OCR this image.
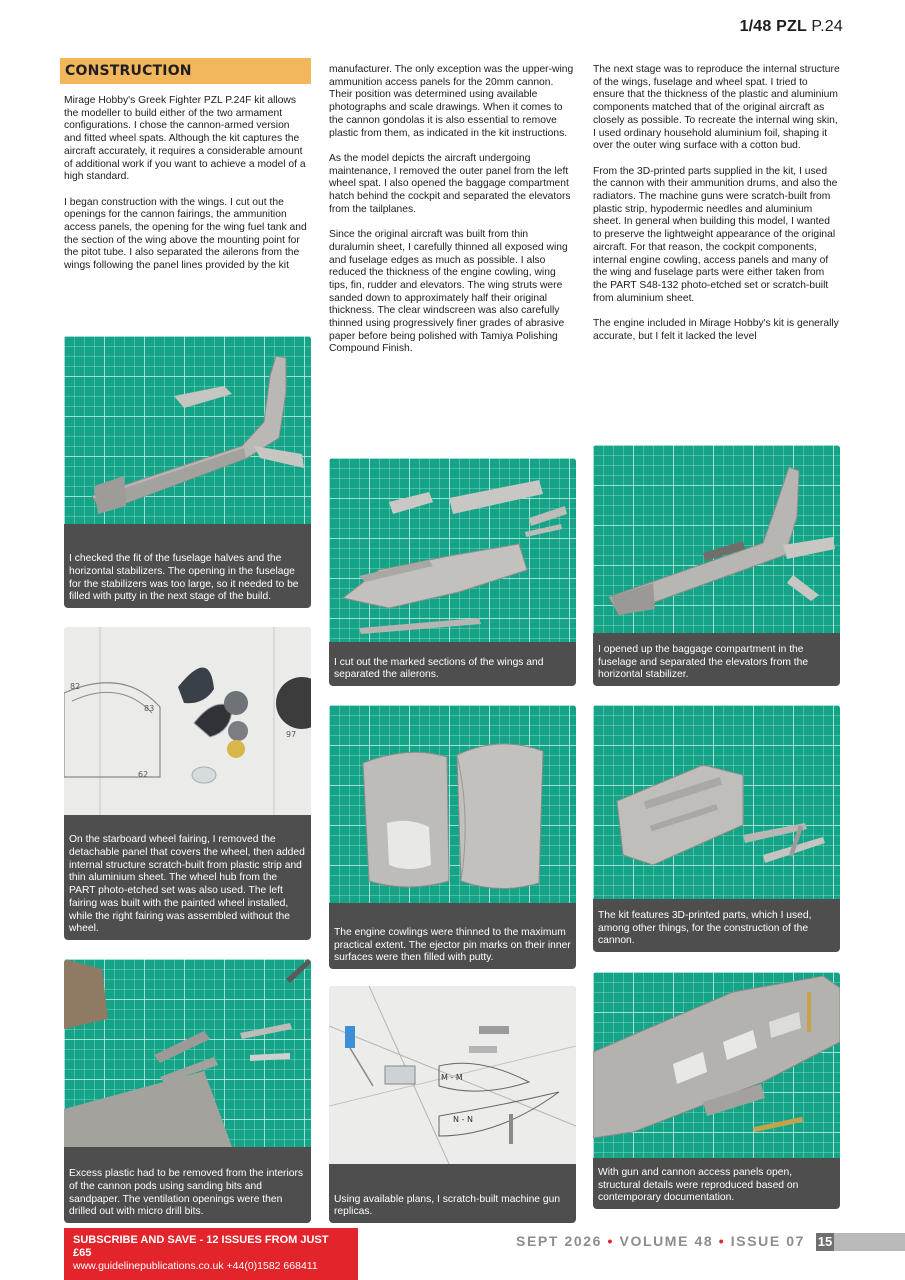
1/48 PZL P.24
CONSTRUCTION

Mirage Hobby's Greek Fighter PZL P.24F kit allows the modeller to build either of the two armament configurations. I chose the cannon-armed version and fitted wheel spats. Although the kit captures the aircraft accurately, it requires a considerable amount of additional work if you want to achieve a model of a high standard.

I began construction with the wings. I cut out the openings for the cannon fairings, the ammunition access panels, the opening for the wing fuel tank and the section of the wing above the mounting point for the pitot tube. I also separated the ailerons from the wings following the panel lines provided by the kit

manufacturer. The only exception was the upper-wing ammunition access panels for the 20mm cannon. Their position was determined using available photographs and scale drawings. When it comes to the cannon gondolas it is also essential to remove plastic from them, as indicated in the kit instructions.

As the model depicts the aircraft undergoing maintenance, I removed the outer panel from the left wheel spat. I also opened the baggage compartment hatch behind the cockpit and separated the elevators from the tailplanes.

Since the original aircraft was built from thin duralumin sheet, I carefully thinned all exposed wing and fuselage edges as much as possible. I also reduced the thickness of the engine cowling, wing tips, fin, rudder and elevators. The wing struts were sanded down to approximately half their original thickness. The clear windscreen was also carefully thinned using progressively finer grades of abrasive paper before being polished with Tamiya Polishing Compound Finish.

The next stage was to reproduce the internal structure of the wings, fuselage and wheel spat. I tried to ensure that the thickness of the plastic and aluminium components matched that of the original aircraft as closely as possible. To recreate the internal wing skin, I used ordinary household aluminium foil, shaping it over the outer wing surface with a cotton bud.

From the 3D-printed parts supplied in the kit, I used the cannon with their ammunition drums, and also the radiators. The machine guns were scratch-built from plastic strip, hypodermic needles and aluminium sheet. In general when building this model, I wanted to preserve the lightweight appearance of the original aircraft. For that reason, the cockpit components, internal engine cowling, access panels and many of the wing and fuselage parts were either taken from the PART S48-132 photo-etched set or scratch-built from aluminium sheet.

The engine included in Mirage Hobby's kit is generally accurate, but I felt it lacked the level

I checked the fit of the fuselage halves and the horizontal stabilizers. The opening in the fuselage for the stabilizers was too large, so it needed to be filled with putty in the next stage of the build.
I cut out the marked sections of the wings and separated the ailerons.
I opened up the baggage compartment in the fuselage and separated the elevators from the horizontal stabilizer.
82
83
97
62
On the starboard wheel fairing, I removed the detachable panel that covers the wheel, then added internal structure scratch-built from plastic strip and thin aluminium sheet. The wheel hub from the PART photo-etched set was also used. The left fairing was built with the painted wheel installed, while the right fairing was assembled without the wheel.	The engine cowlings were thinned to the maximum practical extent. The ejector pin marks on their inner surfaces were then filled with putty.
The kit features 3D-printed parts, which I used, among other things, for the construction of the cannon.
Excess plastic had to be removed from the interiors of the cannon pods using sanding bits and sandpaper. The ventilation openings were then drilled out with micro drill bits.
M - M
N - N
Using available plans, I scratch-built machine gun replicas.
With gun and cannon access panels open, structural details were reproduced based on contemporary documentation.
SUBSCRIBE AND SAVE - 12 ISSUES FROM JUST £65
www.guidelinepublications.co.uk +44(0)1582 668411
SEPT 2026 • VOLUME 48 • ISSUE 07 15
